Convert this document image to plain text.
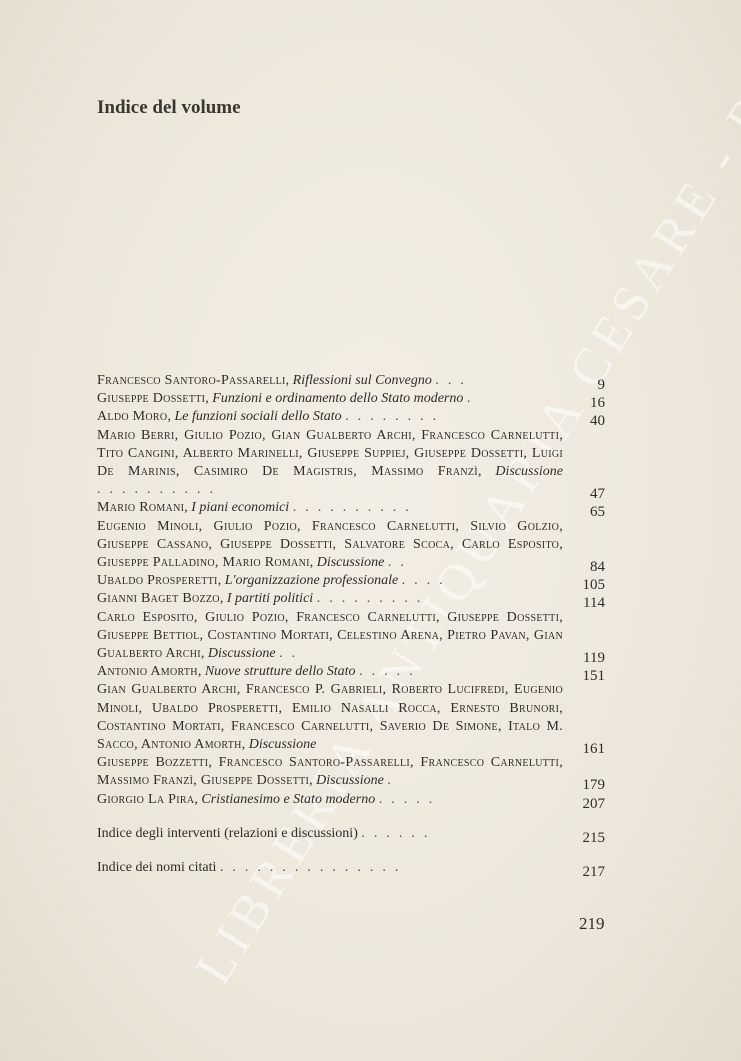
Indice del volume
Francesco Santoro-Passarelli, Riflessioni sul Convegno ...	9
Giuseppe Dossetti, Funzioni e ordinamento dello Stato moderno .	16
Aldo Moro, Le funzioni sociali dello Stato ........	40
Mario Berri, Giulio Pozio, Gian Gualberto Archi, Francesco Carnelutti, Tito Cangini, Alberto Marinelli, Giuseppe Suppiej, Giuseppe Dossetti, Luigi De Marinis, Casimiro De Magistris, Massimo Franzì, Discussione ..........	47
Mario Romani, I piani economici ..........	65
Eugenio Minoli, Giulio Pozio, Francesco Carnelutti, Silvio Golzio, Giuseppe Cassano, Giuseppe Dossetti, Salvatore Scoca, Carlo Esposito, Giuseppe Palladino, Mario Romani, Discussione ..	84
Ubaldo Prosperetti, L'organizzazione professionale ....	105
Gianni Baget Bozzo, I partiti politici .........	114
Carlo Esposito, Giulio Pozio, Francesco Carnelutti, Giuseppe Dossetti, Giuseppe Bettiol, Costantino Mortati, Celestino Arena, Pietro Pavan, Gian Gualberto Archi, Discussione ..	119
Antonio Amorth, Nuove strutture dello Stato .....	151
Gian Gualberto Archi, Francesco P. Gabrieli, Roberto Lucifredi, Eugenio Minoli, Ubaldo Prosperetti, Emilio Nasalli Rocca, Ernesto Brunori, Costantino Mortati, Francesco Carnelutti, Saverio De Simone, Italo M. Sacco, Antonio Amorth, Discussione	161
Giuseppe Bozzetti, Francesco Santoro-Passarelli, Francesco Carnelutti, Massimo Franzì, Giuseppe Dossetti, Discussione .	179
Giorgio La Pira, Cristianesimo e Stato moderno .....	207
Indice degli interventi (relazioni e discussioni) ......	215
Indice dei nomi citati ...............	217
219
